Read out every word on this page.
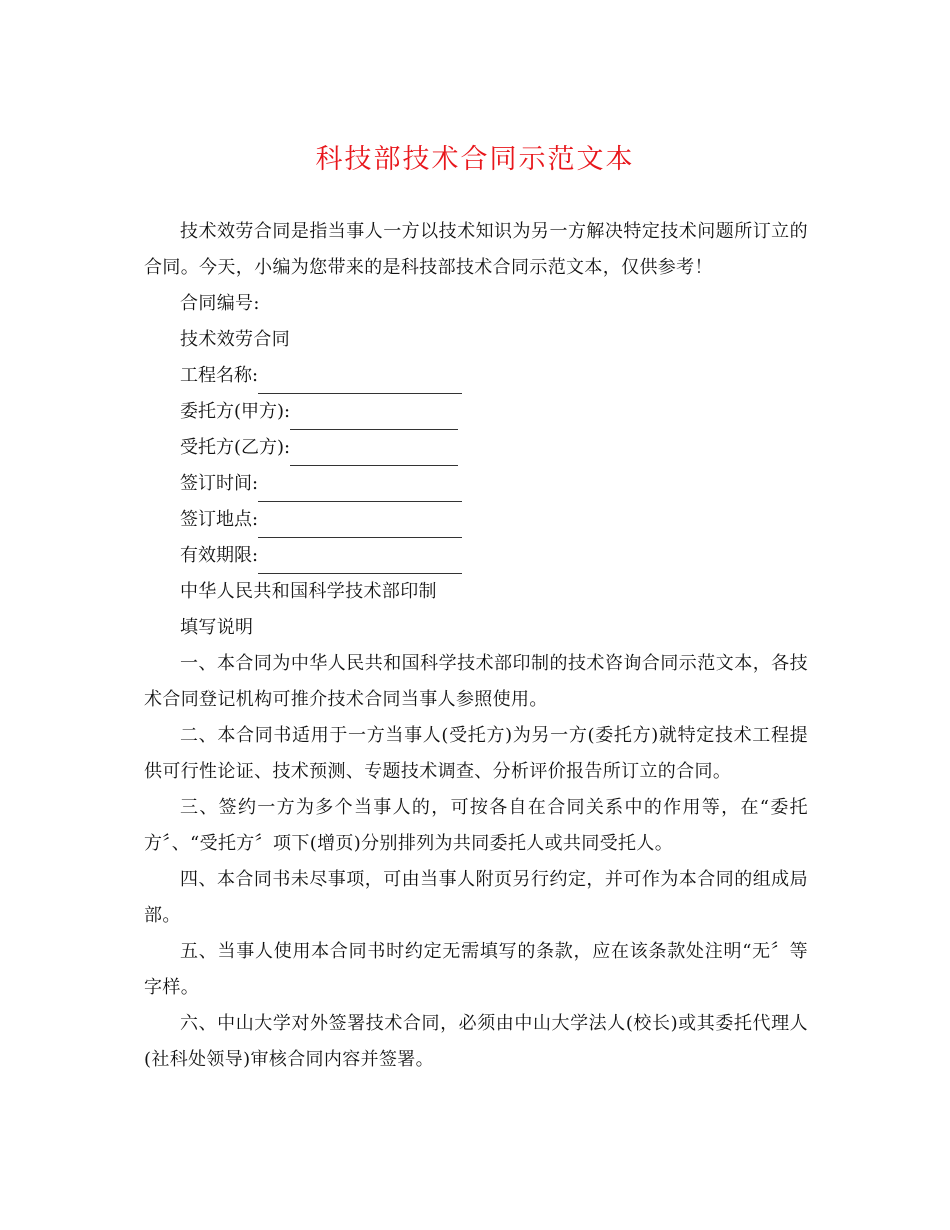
科技部技术合同示范文本

技术效劳合同是指当事人一方以技术知识为另一方解决特定技术问题所订立的合同。今天，小编为您带来的是科技部技术合同示范文本，仅供参考！

合同编号:

技术效劳合同

工程名称:
委托方(甲方):
受托方(乙方):
签订时间:
签订地点:
有效期限:

中华人民共和国科学技术部印制

填写说明

一、本合同为中华人民共和国科学技术部印制的技术咨询合同示范文本，各技术合同登记机构可推介技术合同当事人参照使用。

二、本合同书适用于一方当事人(受托方)为另一方(委托方)就特定技术工程提供可行性论证、技术预测、专题技术调查、分析评价报告所订立的合同。

三、签约一方为多个当事人的，可按各自在合同关系中的作用等，在“委托方〞、“受托方〞项下(增页)分别排列为共同委托人或共同受托人。

四、本合同书未尽事项，可由当事人附页另行约定，并可作为本合同的组成局部。

五、当事人使用本合同书时约定无需填写的条款，应在该条款处注明“无〞等字样。

六、中山大学对外签署技术合同，必须由中山大学法人(校长)或其委托代理人(社科处领导)审核合同内容并签署。
